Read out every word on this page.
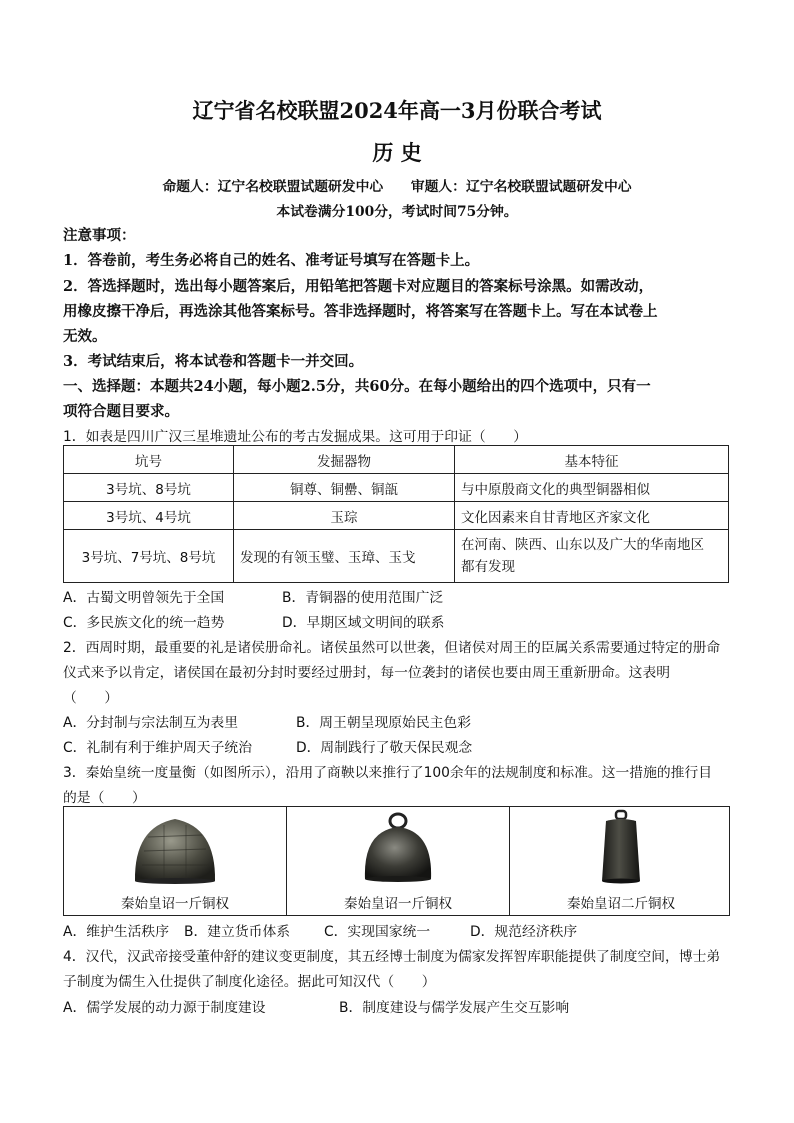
辽宁省名校联盟2024年高一3月份联合考试
历 史
命题人：辽宁名校联盟试题研发中心　　审题人：辽宁名校联盟试题研发中心
本试卷满分100分，考试时间75分钟。
注意事项：
1．答卷前，考生务必将自己的姓名、准考证号填写在答题卡上。
2．答选择题时，选出每小题答案后，用铅笔把答题卡对应题目的答案标号涂黑。如需改动，
用橡皮擦干净后，再选涂其他答案标号。答非选择题时，将答案写在答题卡上。写在本试卷上
无效。
3．考试结束后，将本试卷和答题卡一并交回。
一、选择题：本题共24小题，每小题2.5分，共60分。在每小题给出的四个选项中，只有一
项符合题目要求。
1．如表是四川广汉三星堆遗址公布的考古发掘成果。这可用于印证（　　）
坑号	发掘器物	基本特征
3号坑、8号坑	铜尊、铜罍、铜瓿	与中原殷商文化的典型铜器相似
3号坑、4号坑	玉琮	文化因素来自甘青地区齐家文化
3号坑、7号坑、8号坑	发现的有领玉璧、玉璋、玉戈	在河南、陕西、山东以及广大的华南地区
都有发现
A．古蜀文明曾领先于全国	B．青铜器的使用范围广泛
C．多民族文化的统一趋势	D．早期区域文明间的联系
2．西周时期，最重要的礼是诸侯册命礼。诸侯虽然可以世袭，但诸侯对周王的臣属关系需要通过特定的册命
仪式来予以肯定，诸侯国在最初分封时要经过册封，每一位袭封的诸侯也要由周王重新册命。这表明
（　　）
A．分封制与宗法制互为表里	B．周王朝呈现原始民主色彩
C．礼制有利于维护周天子统治	D．周制践行了敬天保民观念
3．秦始皇统一度量衡（如图所示），沿用了商鞅以来推行了100余年的法规制度和标准。这一措施的推行目
的是（　　）
秦始皇诏一斤铜权	秦始皇诏一斤铜权	秦始皇诏二斤铜权
A．维护生活秩序 B．建立货币体系 C．实现国家统一	D．规范经济秩序
4．汉代，汉武帝接受董仲舒的建议变更制度，其五经博士制度为儒家发挥智库职能提供了制度空间，博士弟
子制度为儒生入仕提供了制度化途径。据此可知汉代（　　）
A．儒学发展的动力源于制度建设	B．制度建设与儒学发展产生交互影响
